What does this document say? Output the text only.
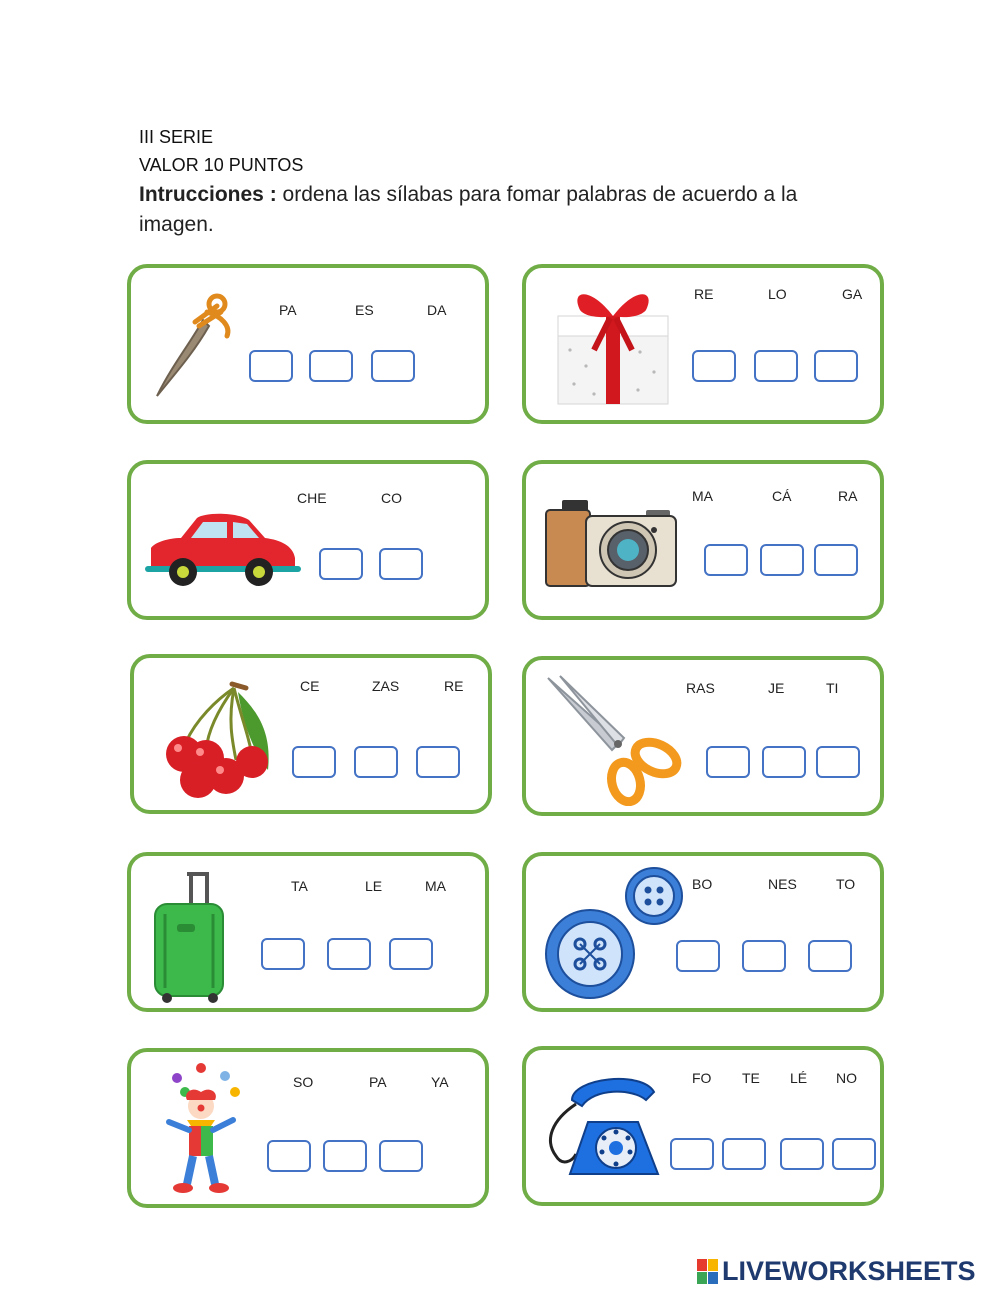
III SERIE
VALOR 10 PUNTOS
Intrucciones : ordena las sílabas para fomar palabras de acuerdo a la imagen.
PA	ES	DA
RE	LO	GA
CHE	CO	MA	CÁ	RA
CE	ZAS	RE	RAS	JE	TI
TA	LE	MA	BO	NES	TO
SO	PA	YA	FO TE LÉ NO
LIVEWORKSHEETS
